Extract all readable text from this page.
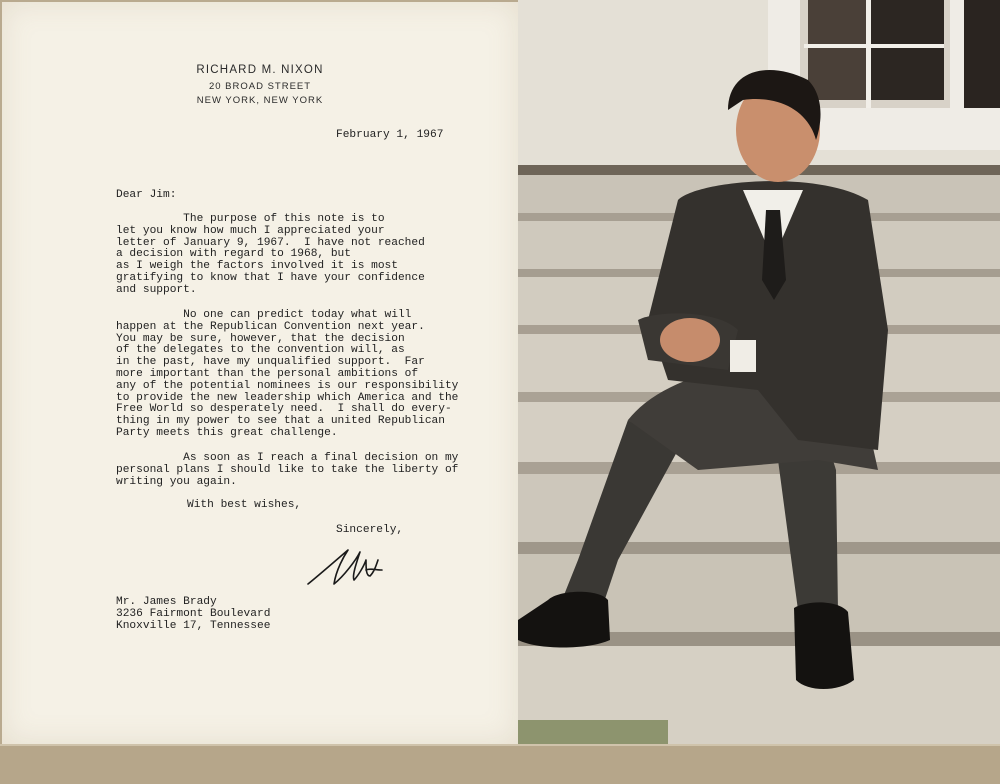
RICHARD M. NIXON
20 BROAD STREET
NEW YORK, NEW YORK
February 1, 1967
Dear Jim:
The purpose of this note is to
let you know how much I appreciated your
letter of January 9, 1967.  I have not reached
a decision with regard to 1968, but
as I weigh the factors involved it is most
gratifying to know that I have your confidence
and support.
No one can predict today what will
happen at the Republican Convention next year.
You may be sure, however, that the decision
of the delegates to the convention will, as
in the past, have my unqualified support.  Far
more important than the personal ambitions of
any of the potential nominees is our responsibility
to provide the new leadership which America and the
Free World so desperately need.  I shall do every-
thing in my power to see that a united Republican
Party meets this great challenge.
As soon as I reach a final decision on my
personal plans I should like to take the liberty of
writing you again.
With best wishes,
Sincerely,
Mr. James Brady
3236 Fairmont Boulevard
Knoxville 17, Tennessee
